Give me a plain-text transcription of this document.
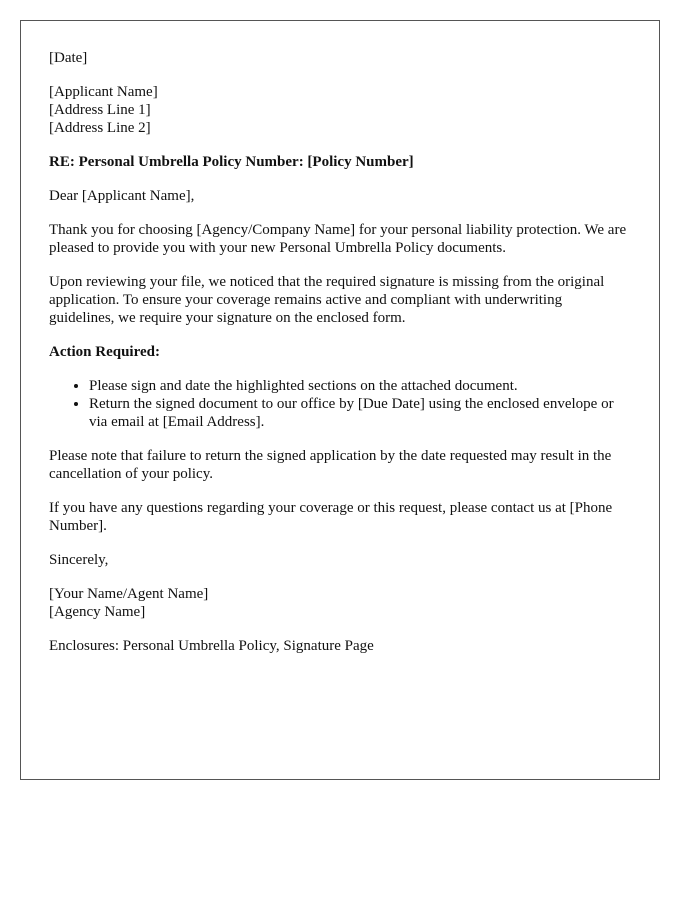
[Date]
[Applicant Name]
[Address Line 1]
[Address Line 2]
RE: Personal Umbrella Policy Number: [Policy Number]
Dear [Applicant Name],
Thank you for choosing [Agency/Company Name] for your personal liability protection. We are pleased to provide you with your new Personal Umbrella Policy documents.
Upon reviewing your file, we noticed that the required signature is missing from the original application. To ensure your coverage remains active and compliant with underwriting guidelines, we require your signature on the enclosed form.
Action Required:
• Please sign and date the highlighted sections on the attached document.
• Return the signed document to our office by [Due Date] using the enclosed envelope or via email at [Email Address].
Please note that failure to return the signed application by the date requested may result in the cancellation of your policy.
If you have any questions regarding your coverage or this request, please contact us at [Phone Number].
Sincerely,
[Your Name/Agent Name]
[Agency Name]
Enclosures: Personal Umbrella Policy, Signature Page
